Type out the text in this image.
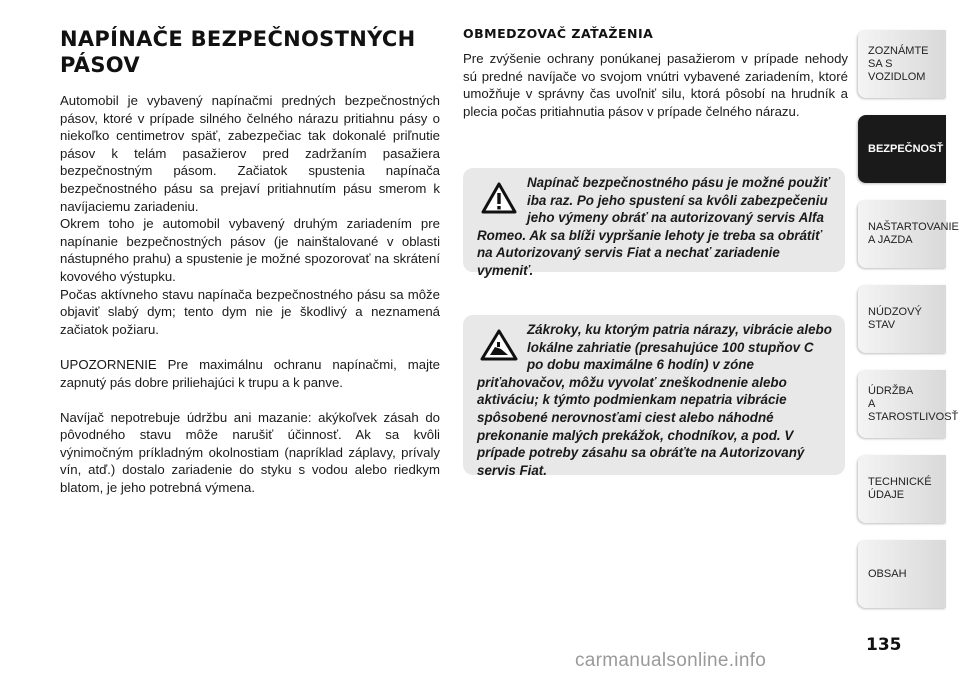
NAPÍNAČE BEZPEČNOSTNÝCH
PÁSOV

Automobil je vybavený napínačmi predných bezpečnostných pásov, ktoré v prípade silného čelného nárazu pritiahnu pásy o niekoľko centimetrov späť, zabezpečiac tak dokonalé priľnutie pásov k telám pasažierov pred zadržaním pasažiera bezpečnostným pásom. Začiatok spustenia napínača bezpečnostného pásu sa prejaví pritiahnutím pásu smerom k navíjaciemu zariadeniu.

Okrem toho je automobil vybavený druhým zariadením pre napínanie bezpečnostných pásov (je nainštalované v oblasti nástupného prahu) a spustenie je možné spozorovať na skrátení kovového výstupku.

Počas aktívneho stavu napínača bezpečnostného pásu sa môže objaviť slabý dym; tento dym nie je škodlivý a neznamená začiatok požiaru.

UPOZORNENIE Pre maximálnu ochranu napínačmi, majte zapnutý pás dobre priliehajúci k trupu a k panve.

Navíjač nepotrebuje údržbu ani mazanie: akýkoľvek zásah do pôvodného stavu môže narušiť účinnosť. Ak sa kvôli výnimočným príkladným okolnostiam (napríklad záplavy, prívaly vín, atď.) dostalo zariadenie do styku s vodou alebo riedkym blatom, je jeho potrebná výmena.

OBMEDZOVAČ ZAŤAŽENIA

Pre zvýšenie ochrany ponúkanej pasažierom v prípade nehody sú predné navíjače vo svojom vnútri vybavené zariadením, ktoré umožňuje v správny čas uvoľniť silu, ktorá pôsobí na hrudník a plecia počas pritiahnutia pásov v prípade čelného nárazu.

Napínač bezpečnostného pásu je možné použiť iba raz. Po jeho spustení sa kvôli zabezpečeniu jeho výmeny obráť na autorizovaný servis Alfa Romeo. Ak sa blíži vypršanie lehoty je treba sa obrátiť na Autorizovaný servis Fiat a nechať zariadenie vymeniť.
Zákroky, ku ktorým patria nárazy, vibrácie alebo lokálne zahriatie (presahujúce 100 stupňov C po dobu maximálne 6 hodín) v zóne priťahovačov, môžu vyvolať zneškodnenie alebo aktiváciu; k týmto podmienkam nepatria vibrácie spôsobené nerovnosťami ciest alebo náhodné prekonanie malých prekážok, chodníkov, a pod. V prípade potreby zásahu sa obráťte na Autorizovaný servis Fiat.
ZOZNÁMTE
SA S VOZIDLOM
BEZPEČNOSŤ
NAŠTARTOVANIE
A JAZDA
NÚDZOVÝ STAV
ÚDRŽBA
A STAROSTLIVOSŤ
TECHNICKÉ
ÚDAJE
OBSAH
135
carmanualsonline.info
